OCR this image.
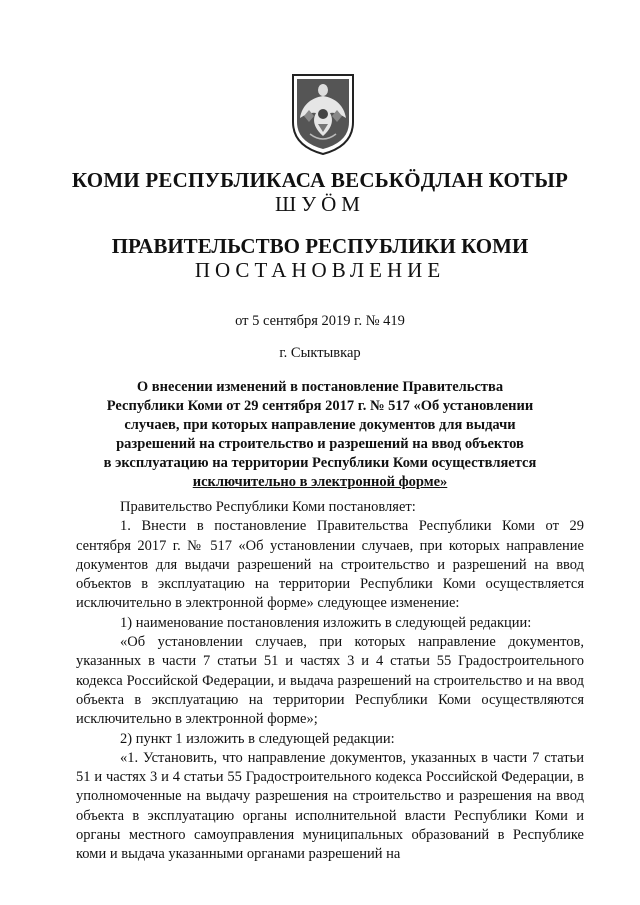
КОМИ РЕСПУБЛИКАСА ВЕСЬКӦДЛАН КОТЫР
ШУӦМ
ПРАВИТЕЛЬСТВО РЕСПУБЛИКИ КОМИ
ПОСТАНОВЛЕНИЕ
от 5 сентября 2019 г. № 419
г. Сыктывкар
О внесении изменений в постановление Правительства
Республики Коми от 29 сентября 2017 г. № 517 «Об установлении
случаев, при которых направление документов для выдачи
разрешений на строительство и разрешений на ввод объектов
в эксплуатацию на территории Республики Коми осуществляется
исключительно в электронной форме»

Правительство Республики Коми постановляет:

1. Внести в постановление Правительства Республики Коми от 29 сентября 2017 г. № 517 «Об установлении случаев, при которых направление документов для выдачи разрешений на строительство и разрешений на ввод объектов в эксплуатацию на территории Республики Коми осуществляется исключительно в электронной форме» следующее изменение:

1) наименование постановления изложить в следующей редакции:

«Об установлении случаев, при которых направление документов, указанных в части 7 статьи 51 и частях 3 и 4 статьи 55 Градостроительного кодекса Российской Федерации, и выдача разрешений на строительство и на ввод объекта в эксплуатацию на территории Республики Коми осуществляются исключительно в электронной форме»;

2) пункт 1 изложить в следующей редакции:

«1. Установить, что направление документов, указанных в части 7 статьи 51 и частях 3 и 4 статьи 55 Градостроительного кодекса Российской Федерации, в уполномоченные на выдачу разрешения на строительство и разрешения на ввод объекта в эксплуатацию органы исполнительной власти Республики Коми и органы местного самоуправления муниципальных образований в Республике коми и выдача указанными органами разрешений на
